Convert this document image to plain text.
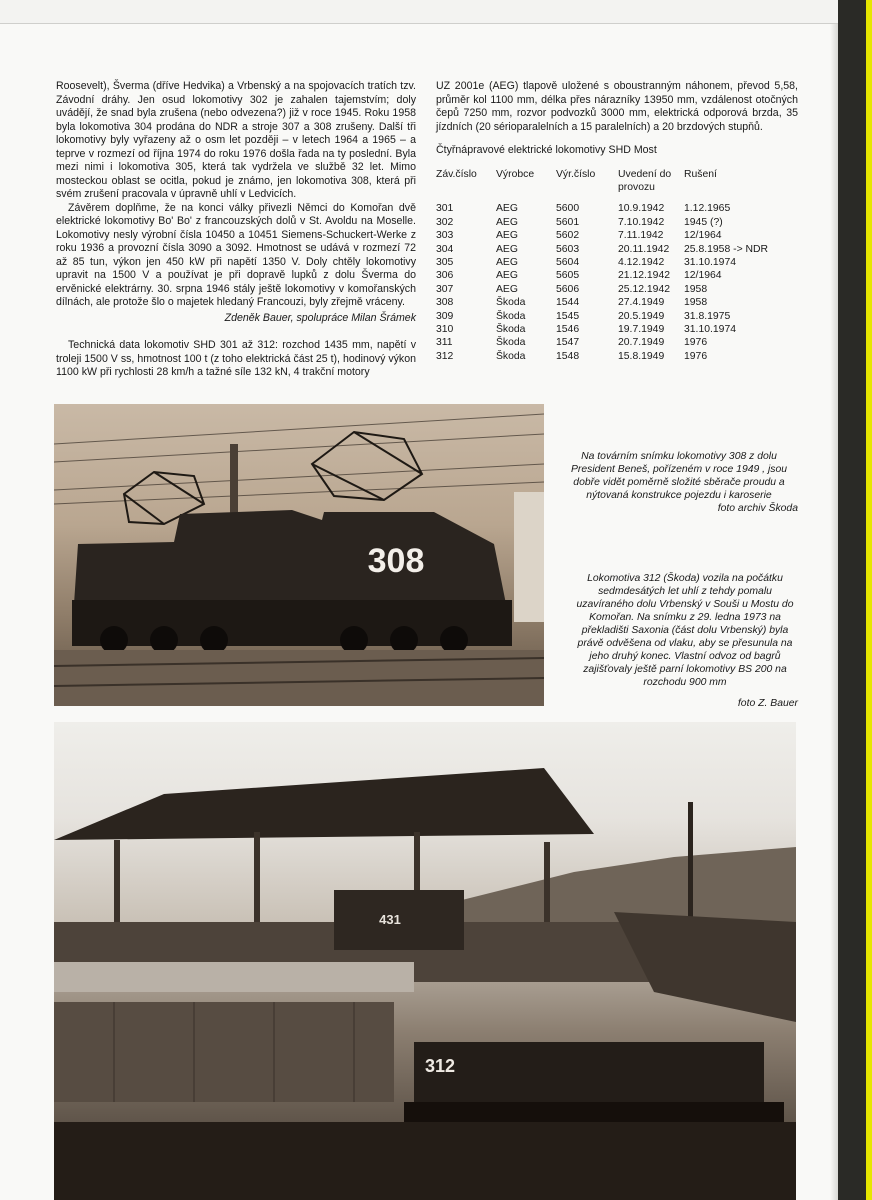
Roosevelt), Šverma (dříve Hedvika) a Vrbenský a na spojovacích tratích tzv. Závodní dráhy. Jen osud lokomotivy 302 je zahalen tajemstvím; doly uvádějí, že snad byla zrušena (nebo odvezena?) již v roce 1945. Roku 1958 byla lokomotiva 304 prodána do NDR a stroje 307 a 308 zrušeny. Další tři lokomotivy byly vyřazeny až o osm let později – v letech 1964 a 1965 – a teprve v rozmezí od října 1974 do roku 1976 došla řada na ty poslední. Byla mezi nimi i lokomotiva 305, která tak vydržela ve službě 32 let. Mimo mosteckou oblast se ocitla, pokud je známo, jen lokomotiva 308, která při svém zrušení pracovala v úpravně uhlí v Ledvicích.

Závěrem doplňme, že na konci války přivezli Němci do Komořan dvě elektrické lokomotivy Bo' Bo' z francouzských dolů v St. Avoldu na Moselle. Lokomotivy nesly výrobní čísla 10450 a 10451 Siemens-Schuckert-Werke z roku 1936 a provozní čísla 3090 a 3092. Hmotnost se udává v rozmezí 72 až 85 tun, výkon jen 450 kW při napětí 1350 V. Doly chtěly lokomotivy upravit na 1500 V a používat je při dopravě lupků z dolu Šverma do ervěnické elektrárny. 30. srpna 1946 stály ještě lokomotivy v komořanských dílnách, ale protože šlo o majetek hledaný Francouzi, byly zřejmě vráceny.

Zdeněk Bauer, spolupráce Milan Šrámek

Technická data lokomotiv SHD 301 až 312: rozchod 1435 mm, napětí v troleji 1500 V ss, hmotnost 100 t (z toho elektrická část 25 t), hodinový výkon 1100 kW při rychlosti 28 km/h a tažné síle 132 kN, 4 trakční motory

UZ 2001e (AEG) tlapově uložené s oboustranným náhonem, převod 5,58, průměr kol 1100 mm, délka přes nárazníky 13950 mm, vzdálenost otočných čepů 7250 mm, rozvor podvozků 3000 mm, elektrická odporová brzda, 35 jízdních (20 sérioparalelních a 15 paralelních) a 20 brzdových stupňů.

Čtyřnápravové elektrické lokomotivy SHD Most
Záv.číslo	Výrobce	Výr.číslo	Uvedení do provozu	Rušení
301	AEG	5600	10.9.1942	1.12.1965
302	AEG	5601	7.10.1942	1945 (?)
303	AEG	5602	7.11.1942	12/1964
304	AEG	5603	20.11.1942	25.8.1958 -> NDR
305	AEG	5604	4.12.1942	31.10.1974
306	AEG	5605	21.12.1942	12/1964
307	AEG	5606	25.12.1942	1958
308	Škoda	1544	27.4.1949	1958
309	Škoda	1545	20.5.1949	31.8.1975
310	Škoda	1546	19.7.1949	31.10.1974
311	Škoda	1547	20.7.1949	1976
312	Škoda	1548	15.8.1949	1976
308
Na továrním snímku lokomotivy 308 z dolu President Beneš, pořízeném v roce 1949 , jsou dobře vidět poměrně složité sběrače proudu a nýtovaná konstrukce pojezdu i karoserie
foto archiv Škoda
Lokomotiva 312 (Škoda) vozila na počátku sedmdesátých let uhlí z tehdy pomalu uzavíraného dolu Vrbenský v Souši u Mostu do Komořan. Na snímku z 29. ledna 1973 na překladišti Saxonia (část dolu Vrbenský) byla právě odvěšena od vlaku, aby se přesunula na jeho druhý konec. Vlastní odvoz od bagrů zajišťovaly ještě parní lokomotivy BS 200 na rozchodu 900 mm
foto Z. Bauer
431
312
